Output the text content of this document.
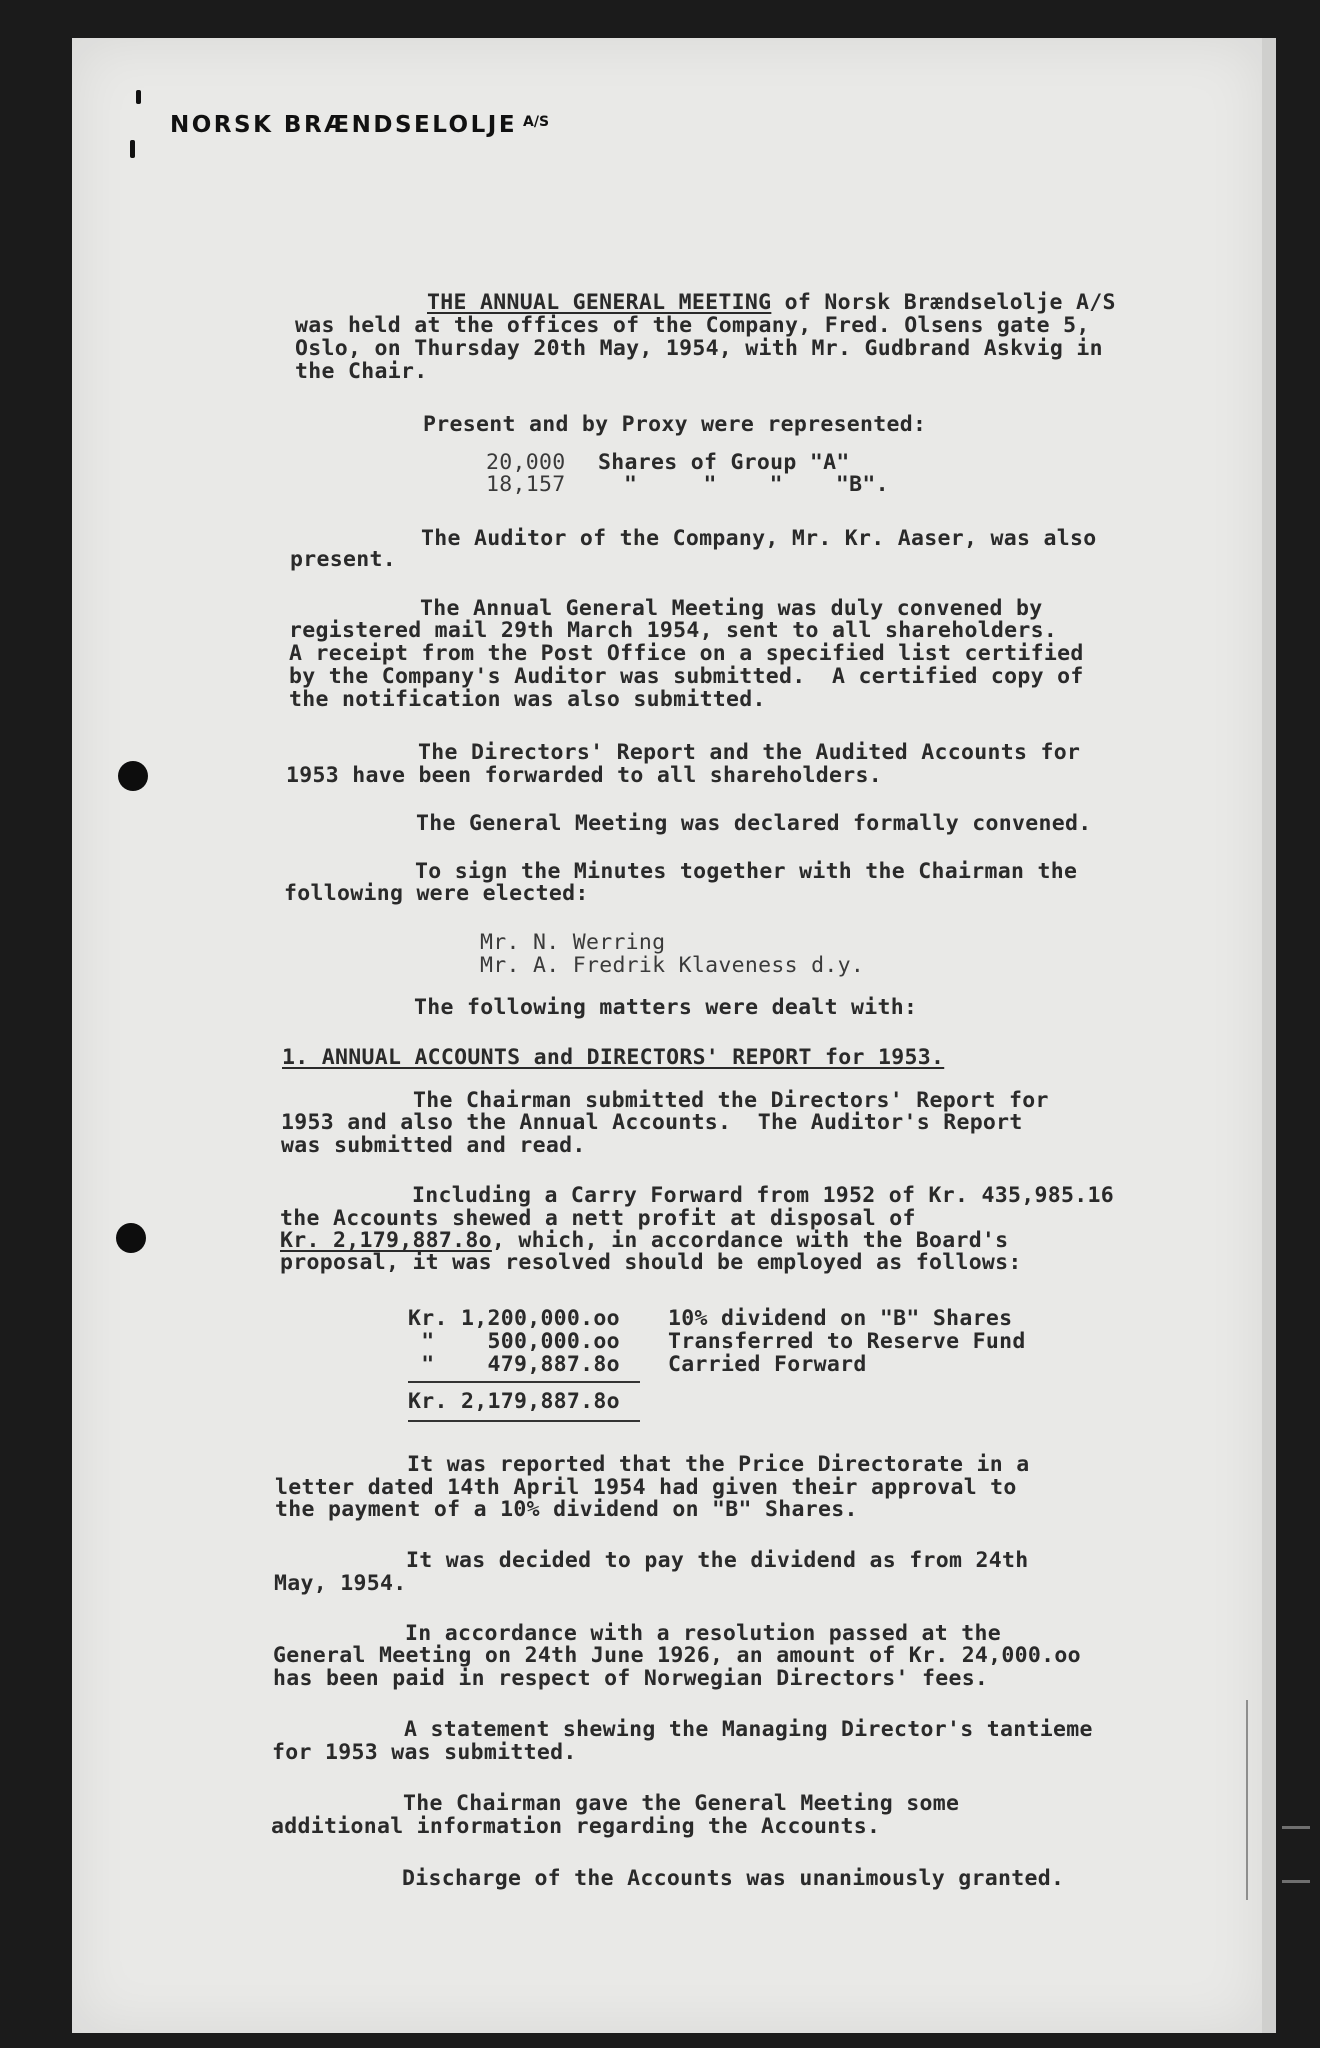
NORSK BRÆNDSELOLJE $^{A/S}$
THE ANNUAL GENERAL MEETING of Norsk Brændselolje A/S
was held at the offices of the Company, Fred. Olsens gate 5,
Oslo, on Thursday 20th May, 1954, with Mr. Gudbrand Askvig in
the Chair.
Present and by Proxy were represented:
20,000 Shares of Group "A"
18,157	"     "    "    "B".
The Auditor of the Company, Mr. Kr. Aaser, was also
present.
The Annual General Meeting was duly convened by
registered mail 29th March 1954, sent to all shareholders.
A receipt from the Post Office on a specified list certified
by the Company's Auditor was submitted.  A certified copy of
the notification was also submitted.
The Directors' Report and the Audited Accounts for
1953 have been forwarded to all shareholders.
The General Meeting was declared formally convened.
To sign the Minutes together with the Chairman the
following were elected:
Mr. N. Werring
Mr. A. Fredrik Klaveness d.y.
The following matters were dealt with:
1. ANNUAL ACCOUNTS and DIRECTORS' REPORT for 1953.
The Chairman submitted the Directors' Report for
1953 and also the Annual Accounts.  The Auditor's Report
was submitted and read.
Including a Carry Forward from 1952 of Kr. 435,985.16
the Accounts shewed a nett profit at disposal of
Kr. 2,179,887.8o, which, in accordance with the Board's
proposal, it was resolved should be employed as follows:
Kr. 1,200,000.oo 10% dividend on "B" Shares
"    500,000.oo Transferred to Reserve Fund
"    479,887.8o Carried Forward
Kr. 2,179,887.8o
It was reported that the Price Directorate in a
letter dated 14th April 1954 had given their approval to
the payment of a 10% dividend on "B" Shares.
It was decided to pay the dividend as from 24th
May, 1954.
In accordance with a resolution passed at the
General Meeting on 24th June 1926, an amount of Kr. 24,000.oo
has been paid in respect of Norwegian Directors' fees.
A statement shewing the Managing Director's tantieme
for 1953 was submitted.
The Chairman gave the General Meeting some
additional information regarding the Accounts.
Discharge of the Accounts was unanimously granted.
